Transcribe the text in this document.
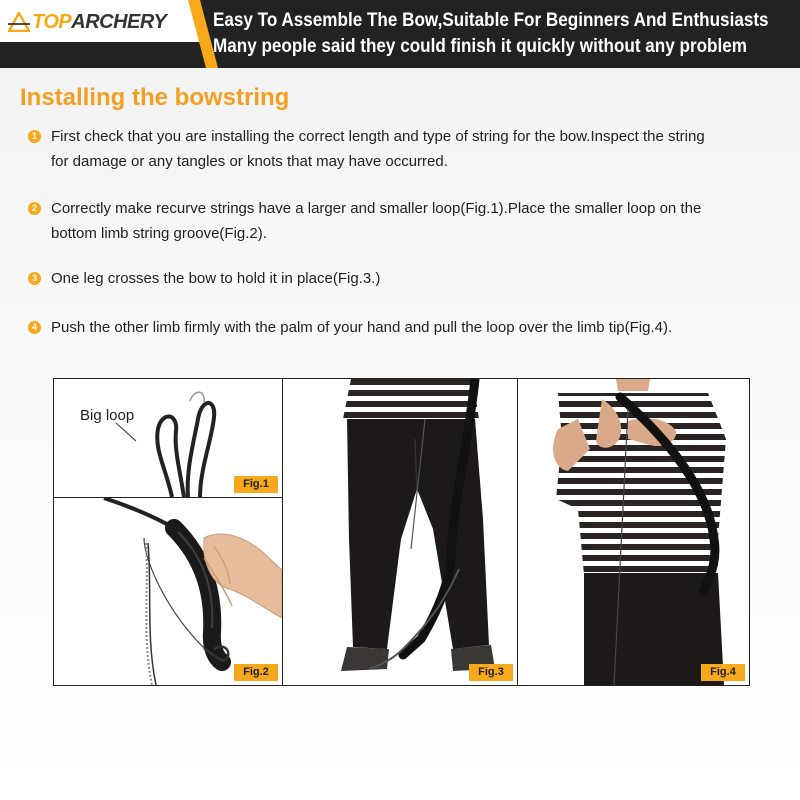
TOP ARCHERY Easy To Assemble The Bow,Suitable For Beginners And Enthusiasts
Many people said they could finish it quickly without any problem
Installing the bowstring
1 First check that you are installing the correct length and type of string for the bow.Inspect the string
for damage or any tangles or knots that may have occurred.
2 Correctly make recurve strings have a larger and smaller loop(Fig.1).Place the smaller loop on the
bottom limb string groove(Fig.2).
3 One leg crosses the bow to hold it in place(Fig.3.)
4 Push the other limb firmly with the palm of your hand and pull the loop over the limb tip(Fig.4).
Big loop
Fig.1
Fig.2	Fig.3	Fig.4
